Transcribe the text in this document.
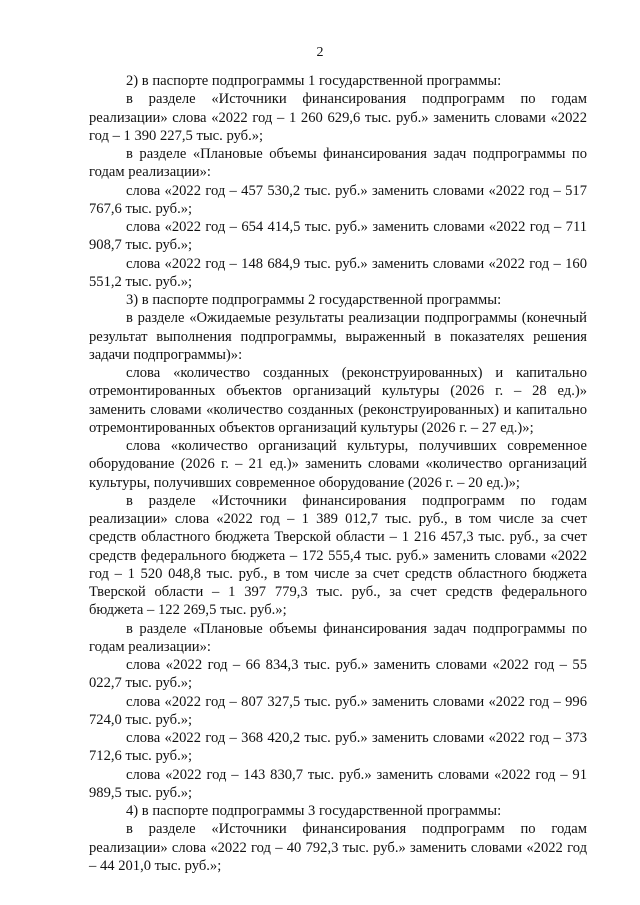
2

2) в паспорте подпрограммы 1 государственной программы:

в разделе «Источники финансирования подпрограмм по годам реализации» слова «2022 год – 1 260 629,6 тыс. руб.» заменить словами «2022 год – 1 390 227,5 тыс. руб.»;

в разделе «Плановые объемы финансирования задач подпрограммы по годам реализации»:

слова «2022 год – 457 530,2 тыс. руб.» заменить словами «2022 год – 517 767,6 тыс. руб.»;

слова «2022 год – 654 414,5 тыс. руб.» заменить словами «2022 год – 711 908,7 тыс. руб.»;

слова «2022 год – 148 684,9 тыс. руб.» заменить словами «2022 год – 160 551,2 тыс. руб.»;

3) в паспорте подпрограммы 2 государственной программы:

в разделе «Ожидаемые результаты реализации подпрограммы (конечный результат выполнения подпрограммы, выраженный в показателях решения задачи подпрограммы)»:

слова «количество созданных (реконструированных) и капитально отремонтированных объектов организаций культуры (2026 г. – 28 ед.)» заменить словами «количество созданных (реконструированных) и капитально отремонтированных объектов организаций культуры (2026 г. – 27 ед.)»;

слова «количество организаций культуры, получивших современное оборудование (2026 г. – 21 ед.)» заменить словами «количество организаций культуры, получивших современное оборудование (2026 г. – 20 ед.)»;

в разделе «Источники финансирования подпрограмм по годам реализации» слова «2022 год – 1 389 012,7 тыс. руб., в том числе за счет средств областного бюджета Тверской области – 1 216 457,3 тыс. руб., за счет средств федерального бюджета – 172 555,4 тыс. руб.» заменить словами «2022 год – 1 520 048,8 тыс. руб., в том числе за счет средств областного бюджета Тверской области – 1 397 779,3 тыс. руб., за счет средств федерального бюджета – 122 269,5 тыс. руб.»;

в разделе «Плановые объемы финансирования задач подпрограммы по годам реализации»:

слова «2022 год – 66 834,3 тыс. руб.» заменить словами «2022 год – 55 022,7 тыс. руб.»;

слова «2022 год – 807 327,5 тыс. руб.» заменить словами «2022 год – 996 724,0 тыс. руб.»;

слова «2022 год – 368 420,2 тыс. руб.» заменить словами «2022 год – 373 712,6 тыс. руб.»;

слова «2022 год – 143 830,7 тыс. руб.» заменить словами «2022 год – 91 989,5 тыс. руб.»;

4) в паспорте подпрограммы 3 государственной программы:

в разделе «Источники финансирования подпрограмм по годам реализации» слова «2022 год – 40 792,3 тыс. руб.» заменить словами «2022 год – 44 201,0 тыс. руб.»;
